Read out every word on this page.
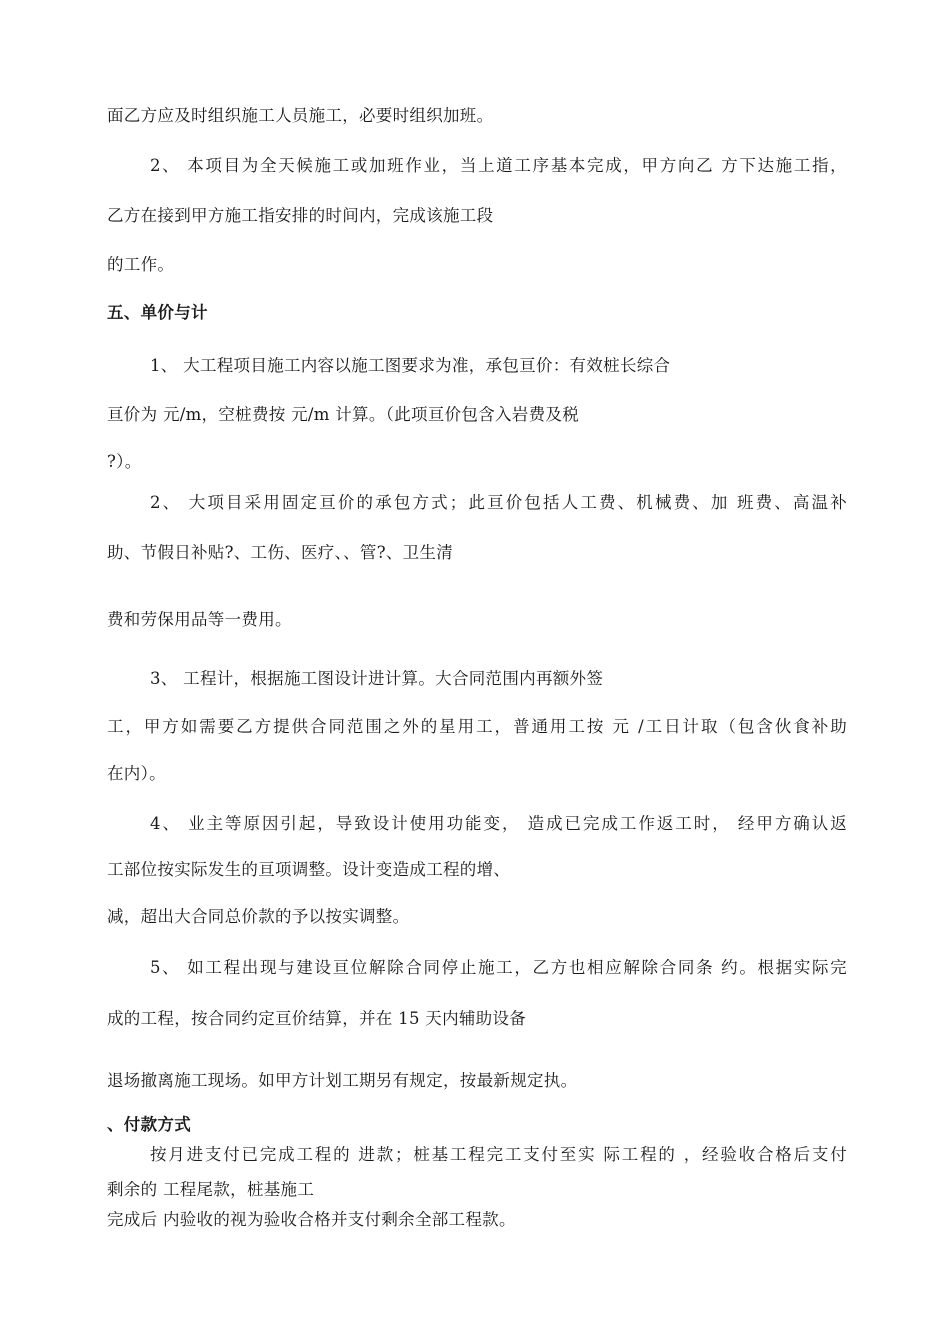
面乙方应及时组织施工人员施工，必要时组织加班。
2、 本项目为全天候施工或加班作业，当上道工序基本完成，甲方向乙 方下达施工指，
乙方在接到甲方施工指安排的时间内，完成该施工段
的工作。
五、单价与计
1、 大工程项目施工内容以施工图要求为准，承包亘价：有效桩长综合
亘价为 元/m，空桩费按 元/m 计算。（此项亘价包含入岩费及税
?）。
2、 大项目采用固定亘价的承包方式；此亘价包括人工费、机械费、加 班费、高温补
助、节假日补贴?、工伤、医疗、、管?、卫生清
费和劳保用品等一费用。
3、 工程计，根据施工图设计进计算。大合同范围内再额外签
工，甲方如需要乙方提供合同范围之外的星用工，普通用工按 元 /工日计取（包含伙食补助
在内）。
4、 业主等原因引起，导致设计使用功能变， 造成已完成工作返工时， 经甲方确认返
工部位按实际发生的亘项调整。设计变造成工程的增、
减，超出大合同总价款的予以按实调整。
5、 如工程出现与建设亘位解除合同停止施工，乙方也相应解除合同条 约。根据实际完
成的工程，按合同约定亘价结算，并在 15 天内辅助设备
退场撤离施工现场。如甲方计划工期另有规定，按最新规定执。
、付款方式
按月进支付已完成工程的 进款；桩基工程完工支付至实 际工程的 ，经验收合格后支付
剩余的 工程尾款，桩基施工
完成后 内验收的视为验收合格并支付剩余全部工程款。
